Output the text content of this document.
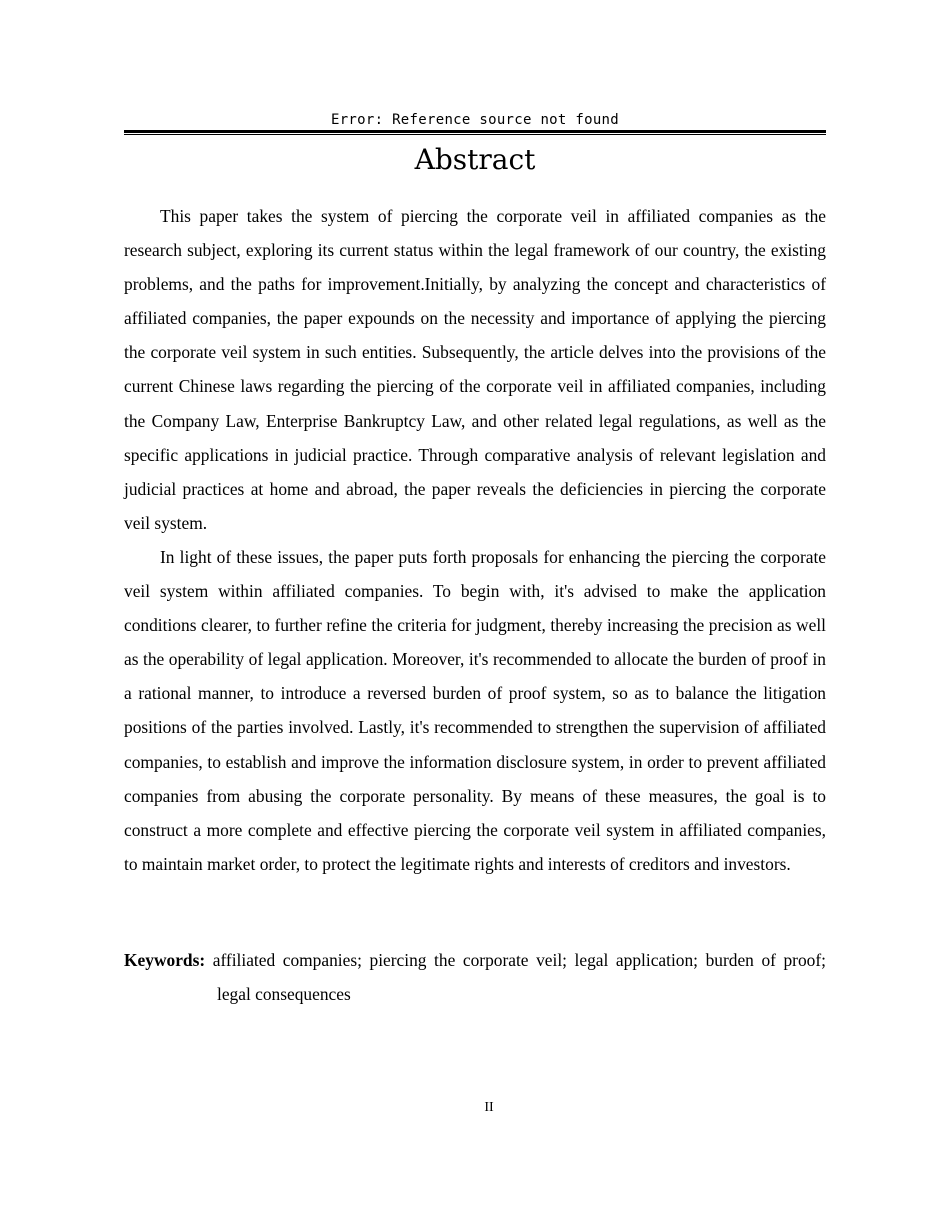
Error: Reference source not found
Abstract

This paper takes the system of piercing the corporate veil in affiliated companies as the research subject, exploring its current status within the legal framework of our country, the existing problems, and the paths for improvement.Initially, by analyzing the concept and characteristics of affiliated companies, the paper expounds on the necessity and importance of applying the piercing the corporate veil system in such entities. Subsequently, the article delves into the provisions of the current Chinese laws regarding the piercing of the corporate veil in affiliated companies, including the Company Law, Enterprise Bankruptcy Law, and other related legal regulations, as well as the specific applications in judicial practice. Through comparative analysis of relevant legislation and judicial practices at home and abroad, the paper reveals the deficiencies in piercing the corporate veil system.

In light of these issues, the paper puts forth proposals for enhancing the piercing the corporate veil system within affiliated companies. To begin with, it's advised to make the application conditions clearer, to further refine the criteria for judgment, thereby increasing the precision as well as the operability of legal application. Moreover, it's recommended to allocate the burden of proof in a rational manner, to introduce a reversed burden of proof system, so as to balance the litigation positions of the parties involved. Lastly, it's recommended to strengthen the supervision of affiliated companies, to establish and improve the information disclosure system, in order to prevent affiliated companies from abusing the corporate personality. By means of these measures, the goal is to construct a more complete and effective piercing the corporate veil system in affiliated companies, to maintain market order, to protect the legitimate rights and interests of creditors and investors.

Keywords: affiliated companies; piercing the corporate veil; legal application; burden of proof; legal consequences
II
